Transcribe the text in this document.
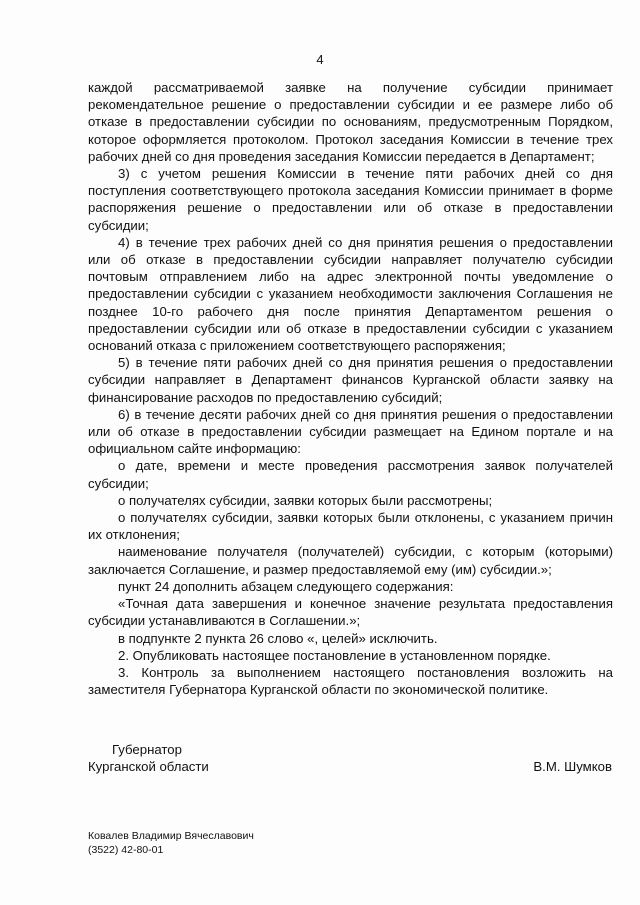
4

каждой рассматриваемой заявке на получение субсидии принимает рекомендательное решение о предоставлении субсидии и ее размере либо об отказе в предоставлении субсидии по основаниям, предусмотренным Порядком, которое оформляется протоколом. Протокол заседания Комиссии в течение трех рабочих дней со дня проведения заседания Комиссии передается в Департамент;

3) с учетом решения Комиссии в течение пяти рабочих дней со дня поступления соответствующего протокола заседания Комиссии принимает в форме распоряжения решение о предоставлении или об отказе в предоставлении субсидии;

4) в течение трех рабочих дней со дня принятия решения о предоставлении или об отказе в предоставлении субсидии направляет получателю субсидии почтовым отправлением либо на адрес электронной почты уведомление о предоставлении субсидии с указанием необходимости заключения Соглашения не позднее 10-го рабочего дня после принятия Департаментом решения о предоставлении субсидии или об отказе в предоставлении субсидии с указанием оснований отказа с приложением соответствующего распоряжения;

5) в течение пяти рабочих дней со дня принятия решения о предоставлении субсидии направляет в Департамент финансов Курганской области заявку на финансирование расходов по предоставлению субсидий;

6) в течение десяти рабочих дней со дня принятия решения о предоставлении или об отказе в предоставлении субсидии размещает на Едином портале и на официальном сайте информацию:

о дате, времени и месте проведения рассмотрения заявок получателей субсидии;

о получателях субсидии, заявки которых были рассмотрены;

о получателях субсидии, заявки которых были отклонены, с указанием причин их отклонения;

наименование получателя (получателей) субсидии, с которым (которыми) заключается Соглашение, и размер предоставляемой ему (им) субсидии.»;

пункт 24 дополнить абзацем следующего содержания:

«Точная дата завершения и конечное значение результата предоставления субсидии устанавливаются в Соглашении.»;

в подпункте 2 пункта 26 слово «, целей» исключить.

2. Опубликовать настоящее постановление в установленном порядке.

3. Контроль за выполнением настоящего постановления возложить на заместителя Губернатора Курганской области по экономической политике.

Губернатор
Курганской области	В.М. Шумков
Ковалев Владимир Вячеславович
(3522) 42-80-01
